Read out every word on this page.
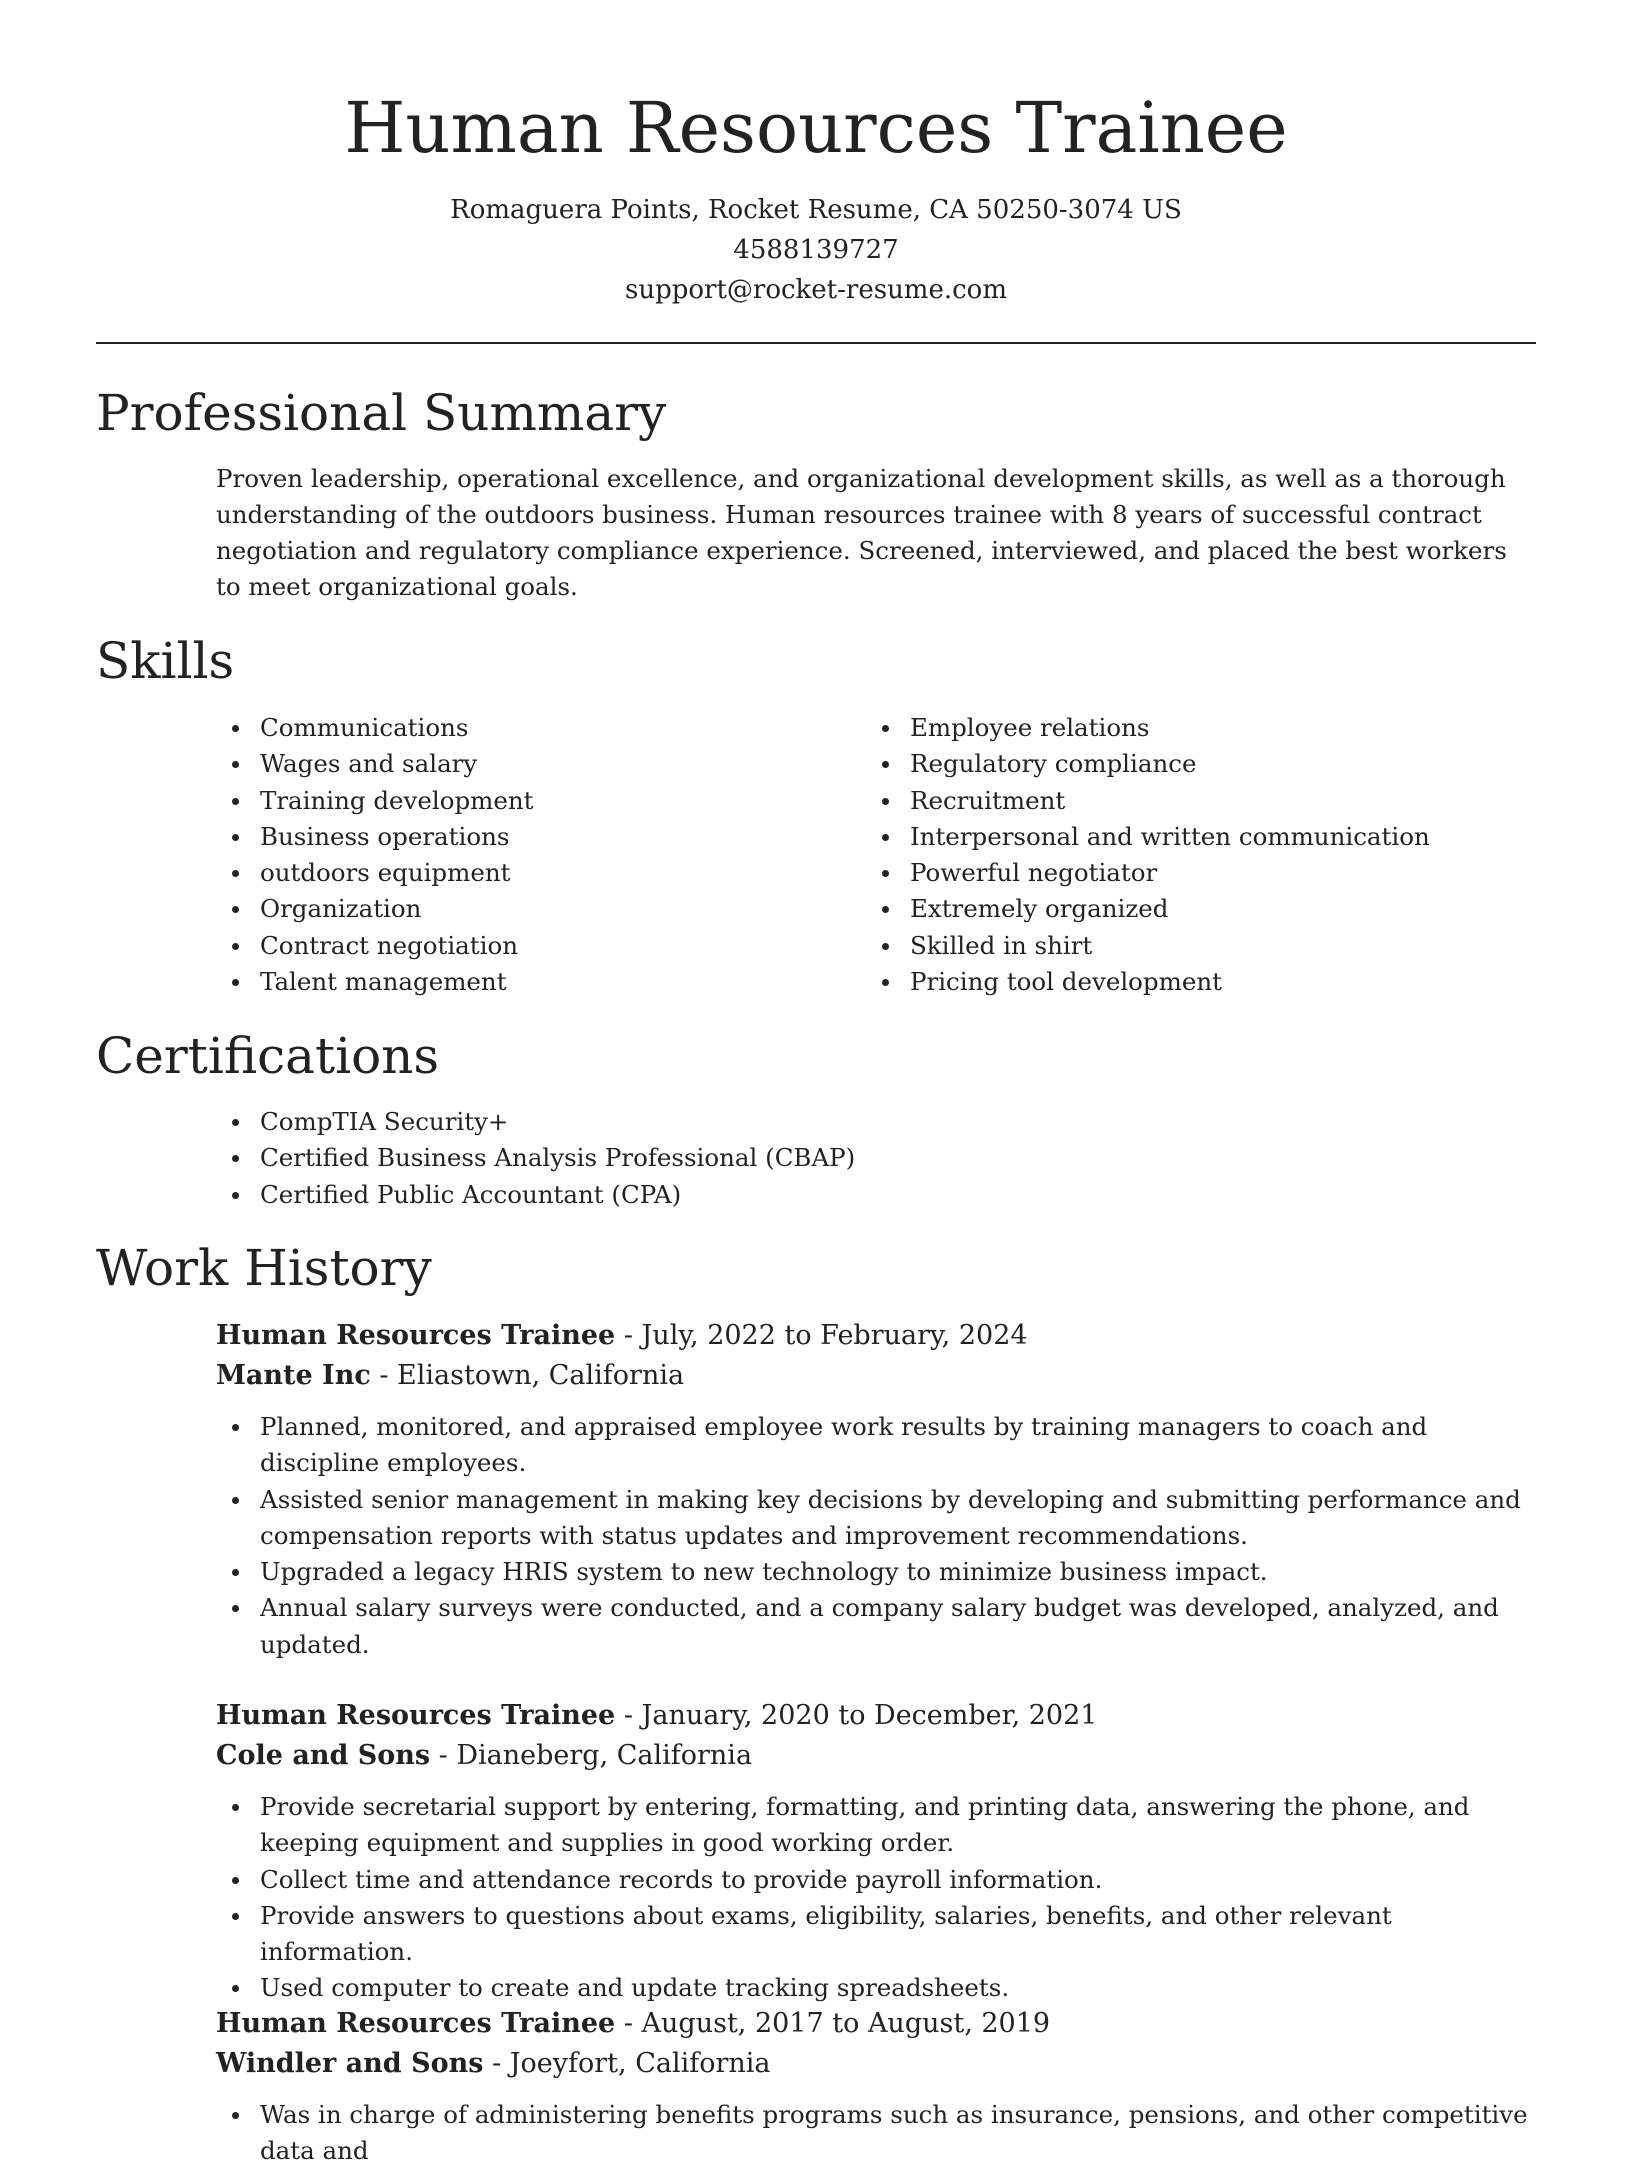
Human Resources Trainee
Romaguera Points, Rocket Resume, CA 50250-3074 US
4588139727
support@rocket-resume.com
Professional Summary

Proven leadership, operational excellence, and organizational development skills, as well as a thorough understanding of the outdoors business. Human resources trainee with 8 years of successful contract negotiation and regulatory compliance experience. Screened, interviewed, and placed the best workers to meet organizational goals.

Skills
Communications
Wages and salary
Training development
Business operations
outdoors equipment
Organization
Contract negotiation
Talent management
Employee relations
Regulatory compliance
Recruitment
Interpersonal and written communication
Powerful negotiator
Extremely organized
Skilled in shirt
Pricing tool development
Certifications
CompTIA Security+
Certified Business Analysis Professional (CBAP)
Certified Public Accountant (CPA)
Work History
Human Resources Trainee - July, 2022 to February, 2024
Mante Inc - Eliastown, California
Planned, monitored, and appraised employee work results by training managers to coach and discipline employees.
Assisted senior management in making key decisions by developing and submitting performance and compensation reports with status updates and improvement recommendations.
Upgraded a legacy HRIS system to new technology to minimize business impact.
Annual salary surveys were conducted, and a company salary budget was developed, analyzed, and updated.
Human Resources Trainee - January, 2020 to December, 2021
Cole and Sons - Dianeberg, California
Provide secretarial support by entering, formatting, and printing data, answering the phone, and keeping equipment and supplies in good working order.
Collect time and attendance records to provide payroll information.
Provide answers to questions about exams, eligibility, salaries, benefits, and other relevant information.
Used computer to create and update tracking spreadsheets.
Human Resources Trainee - August, 2017 to August, 2019
Windler and Sons - Joeyfort, California
Was in charge of administering benefits programs such as insurance, pensions, and other competitive data and
